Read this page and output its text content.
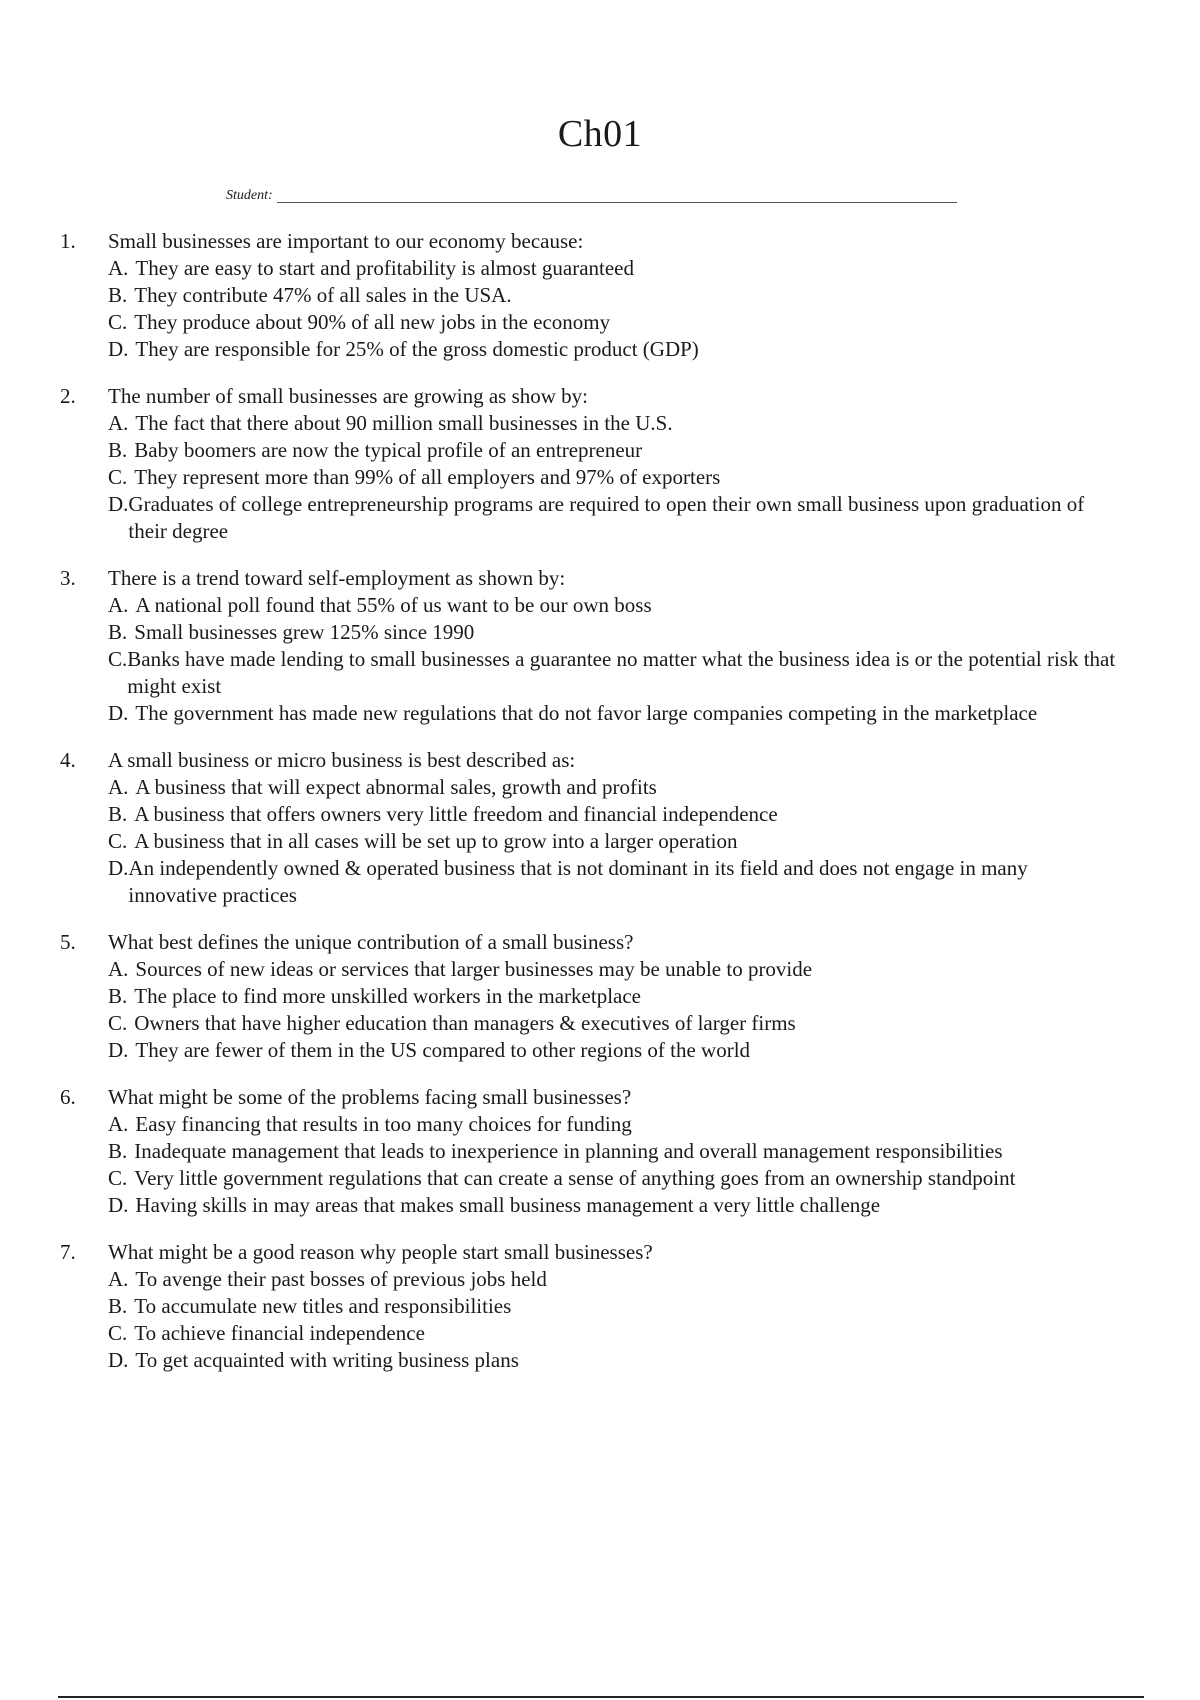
Ch01
Student:
1.	Small businesses are important to our economy because:
A. They are easy to start and profitability is almost guaranteed
B. They contribute 47% of all sales in the USA.
C. They produce about 90% of all new jobs in the economy
D. They are responsible for 25% of the gross domestic product (GDP)
2.	The number of small businesses are growing as show by:
A. The fact that there about 90 million small businesses in the U.S.
B. Baby boomers are now the typical profile of an entrepreneur
C. They represent more than 99% of all employers and 97% of exporters
D. Graduates of college entrepreneurship programs are required to open their own small business upon graduation of their degree
3.	There is a trend toward self-employment as shown by:
A. A national poll found that 55% of us want to be our own boss
B. Small businesses grew 125% since 1990
C. Banks have made lending to small businesses a guarantee no matter what the business idea is or the potential risk that might exist
D. The government has made new regulations that do not favor large companies competing in the marketplace
4.	A small business or micro business is best described as:
A. A business that will expect abnormal sales, growth and profits
B. A business that offers owners very little freedom and financial independence
C. A business that in all cases will be set up to grow into a larger operation
D. An independently owned & operated business that is not dominant in its field and does not engage in many innovative practices
5.	What best defines the unique contribution of a small business?
A. Sources of new ideas or services that larger businesses may be unable to provide
B. The place to find more unskilled workers in the marketplace
C. Owners that have higher education than managers & executives of larger firms
D. They are fewer of them in the US compared to other regions of the world
6.	What might be some of the problems facing small businesses?
A. Easy financing that results in too many choices for funding
B. Inadequate management that leads to inexperience in planning and overall management responsibilities
C. Very little government regulations that can create a sense of anything goes from an ownership standpoint
D. Having skills in may areas that makes small business management a very little challenge
7.	What might be a good reason why people start small businesses?
A. To avenge their past bosses of previous jobs held
B. To accumulate new titles and responsibilities
C. To achieve financial independence
D. To get acquainted with writing business plans
